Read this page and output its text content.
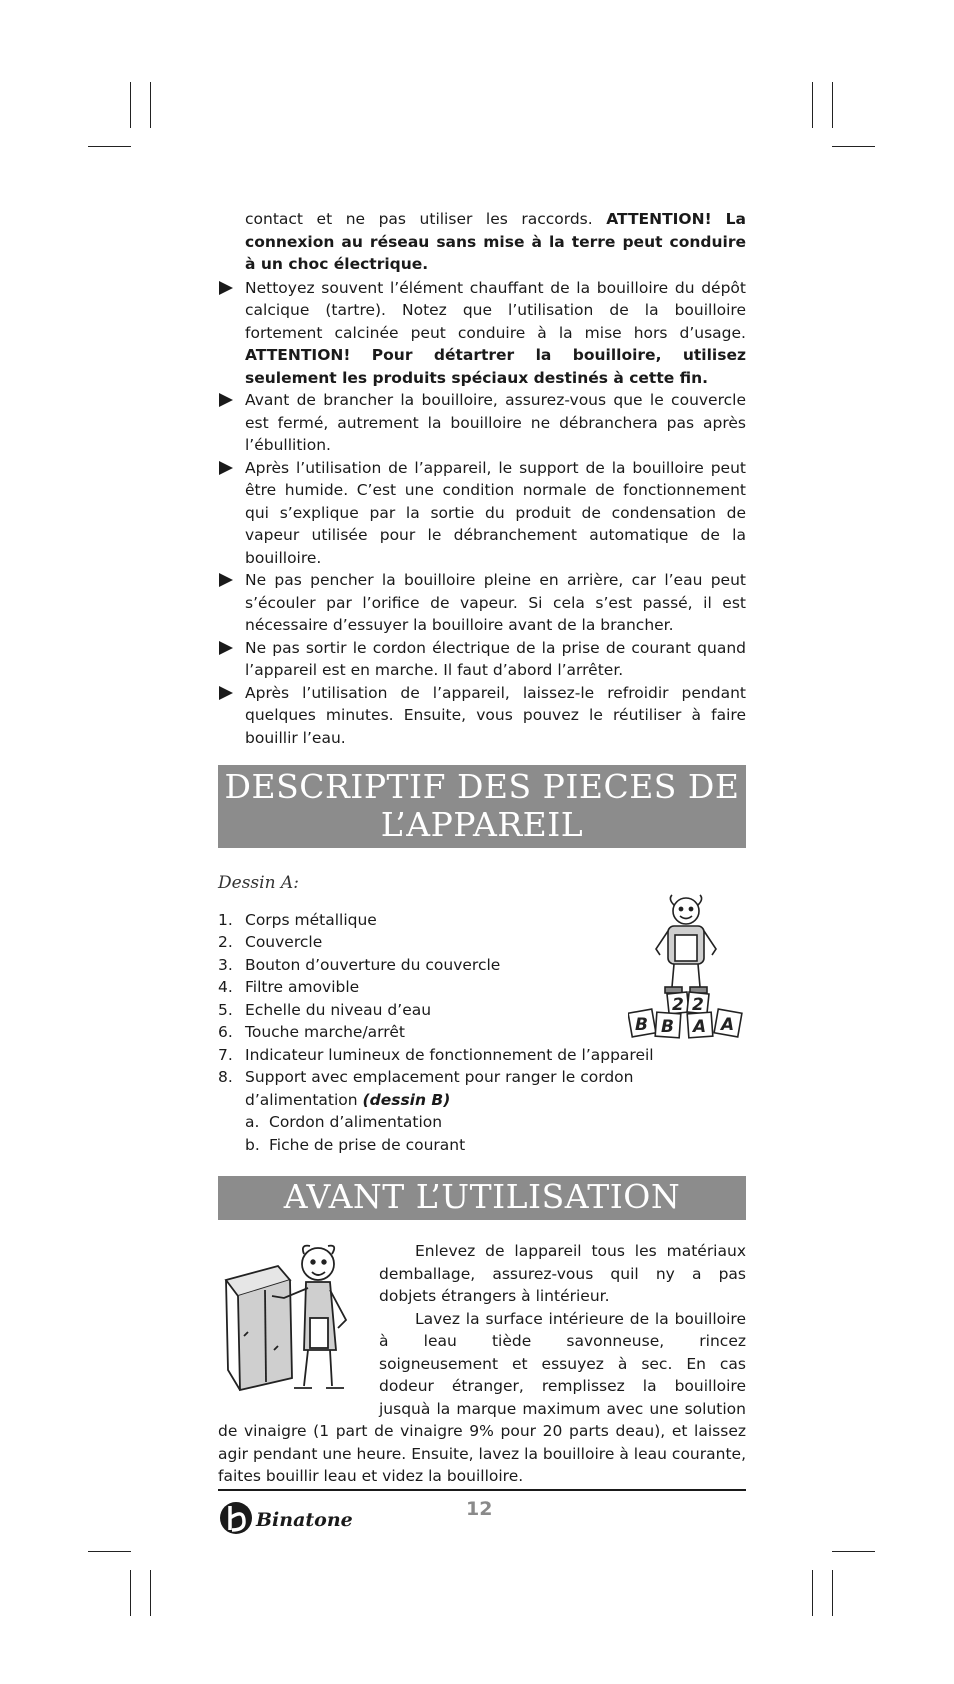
contact et ne pas utiliser les raccords. ATTENTION! La connexion au réseau sans mise à la terre peut conduire à un choc électrique.

Nettoyez souvent l’élément chauffant de la bouilloire du dépôt calcique (tartre). Notez que l’utilisation de la bouilloire fortement calcinée peut conduire à la mise hors d’usage. ATTENTION! Pour détartrer la bouilloire, utilisez seulement les produits spéciaux destinés à cette fin.
Avant de brancher la bouilloire, assurez-vous que le couvercle est fermé, autrement la bouilloire ne débranchera pas après l’ébullition.
Après l’utilisation de l’appareil, le support de la bouilloire peut être humide. C’est une condition normale de fonctionnement qui s’explique par la sortie du produit de condensation de vapeur utilisée pour le débranchement automatique de la bouilloire.
Ne pas pencher la bouilloire pleine en arrière, car l’eau peut s’écouler par l’orifice de vapeur. Si cela s’est passé, il est nécessaire d’essuyer la bouilloire avant de la brancher.
Ne pas sortir le cordon électrique de la prise de courant quand l’appareil est en marche. Il faut d’abord l’arrêter.
Après l’utilisation de l’appareil, laissez-le refroidir pendant quelques minutes. Ensuite, vous pouvez le réutiliser à faire bouillir l’eau.
DESCRIPTIF DES PIECES DE L’APPAREIL
Dessin A:
B B A A
2 2
1. Corps métallique
2. Couvercle
3. Bouton d’ouverture du couvercle
4. Filtre amovible
5. Echelle du niveau d’eau
6. Touche marche/arrêt
7. Indicateur lumineux de fonctionnement de l’appareil
8. Support avec emplacement pour ranger le cordon d’alimentation (dessin B)
a. Cordon d’alimentation
b. Fiche de prise de courant
AVANT L’UTILISATION

Enlevez de lappareil tous les matériaux demballage, assurez-vous quil ny a pas dobjets étrangers à lintérieur.

Lavez la surface intérieure de la bouilloire à leau tiède savonneuse, rincez soigneusement et essuyez à sec. En cas dodeur étranger, remplissez la bouilloire jusquà la marque maximum avec une solution de vinaigre (1 part de vinaigre 9% pour 20 parts deau), et laissez agir pendant une heure. Ensuite, lavez la bouilloire à leau courante, faites bouillir leau et videz la bouilloire.

Binatone	12
